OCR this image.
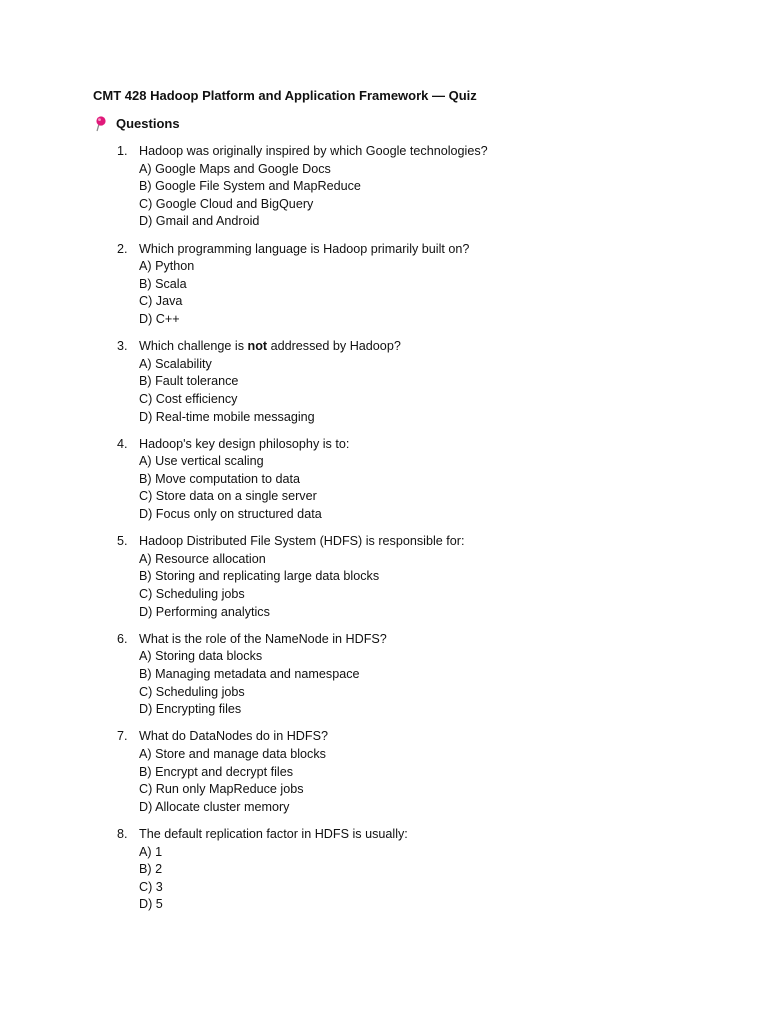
CMT 428 Hadoop Platform and Application Framework — Quiz
Questions
1. Hadoop was originally inspired by which Google technologies?
A) Google Maps and Google Docs
B) Google File System and MapReduce
C) Google Cloud and BigQuery
D) Gmail and Android
2. Which programming language is Hadoop primarily built on?
A) Python
B) Scala
C) Java
D) C++
3. Which challenge is not addressed by Hadoop?
A) Scalability
B) Fault tolerance
C) Cost efficiency
D) Real-time mobile messaging
4. Hadoop's key design philosophy is to:
A) Use vertical scaling
B) Move computation to data
C) Store data on a single server
D) Focus only on structured data
5. Hadoop Distributed File System (HDFS) is responsible for:
A) Resource allocation
B) Storing and replicating large data blocks
C) Scheduling jobs
D) Performing analytics
6. What is the role of the NameNode in HDFS?
A) Storing data blocks
B) Managing metadata and namespace
C) Scheduling jobs
D) Encrypting files
7. What do DataNodes do in HDFS?
A) Store and manage data blocks
B) Encrypt and decrypt files
C) Run only MapReduce jobs
D) Allocate cluster memory
8. The default replication factor in HDFS is usually:
A) 1
B) 2
C) 3
D) 5
